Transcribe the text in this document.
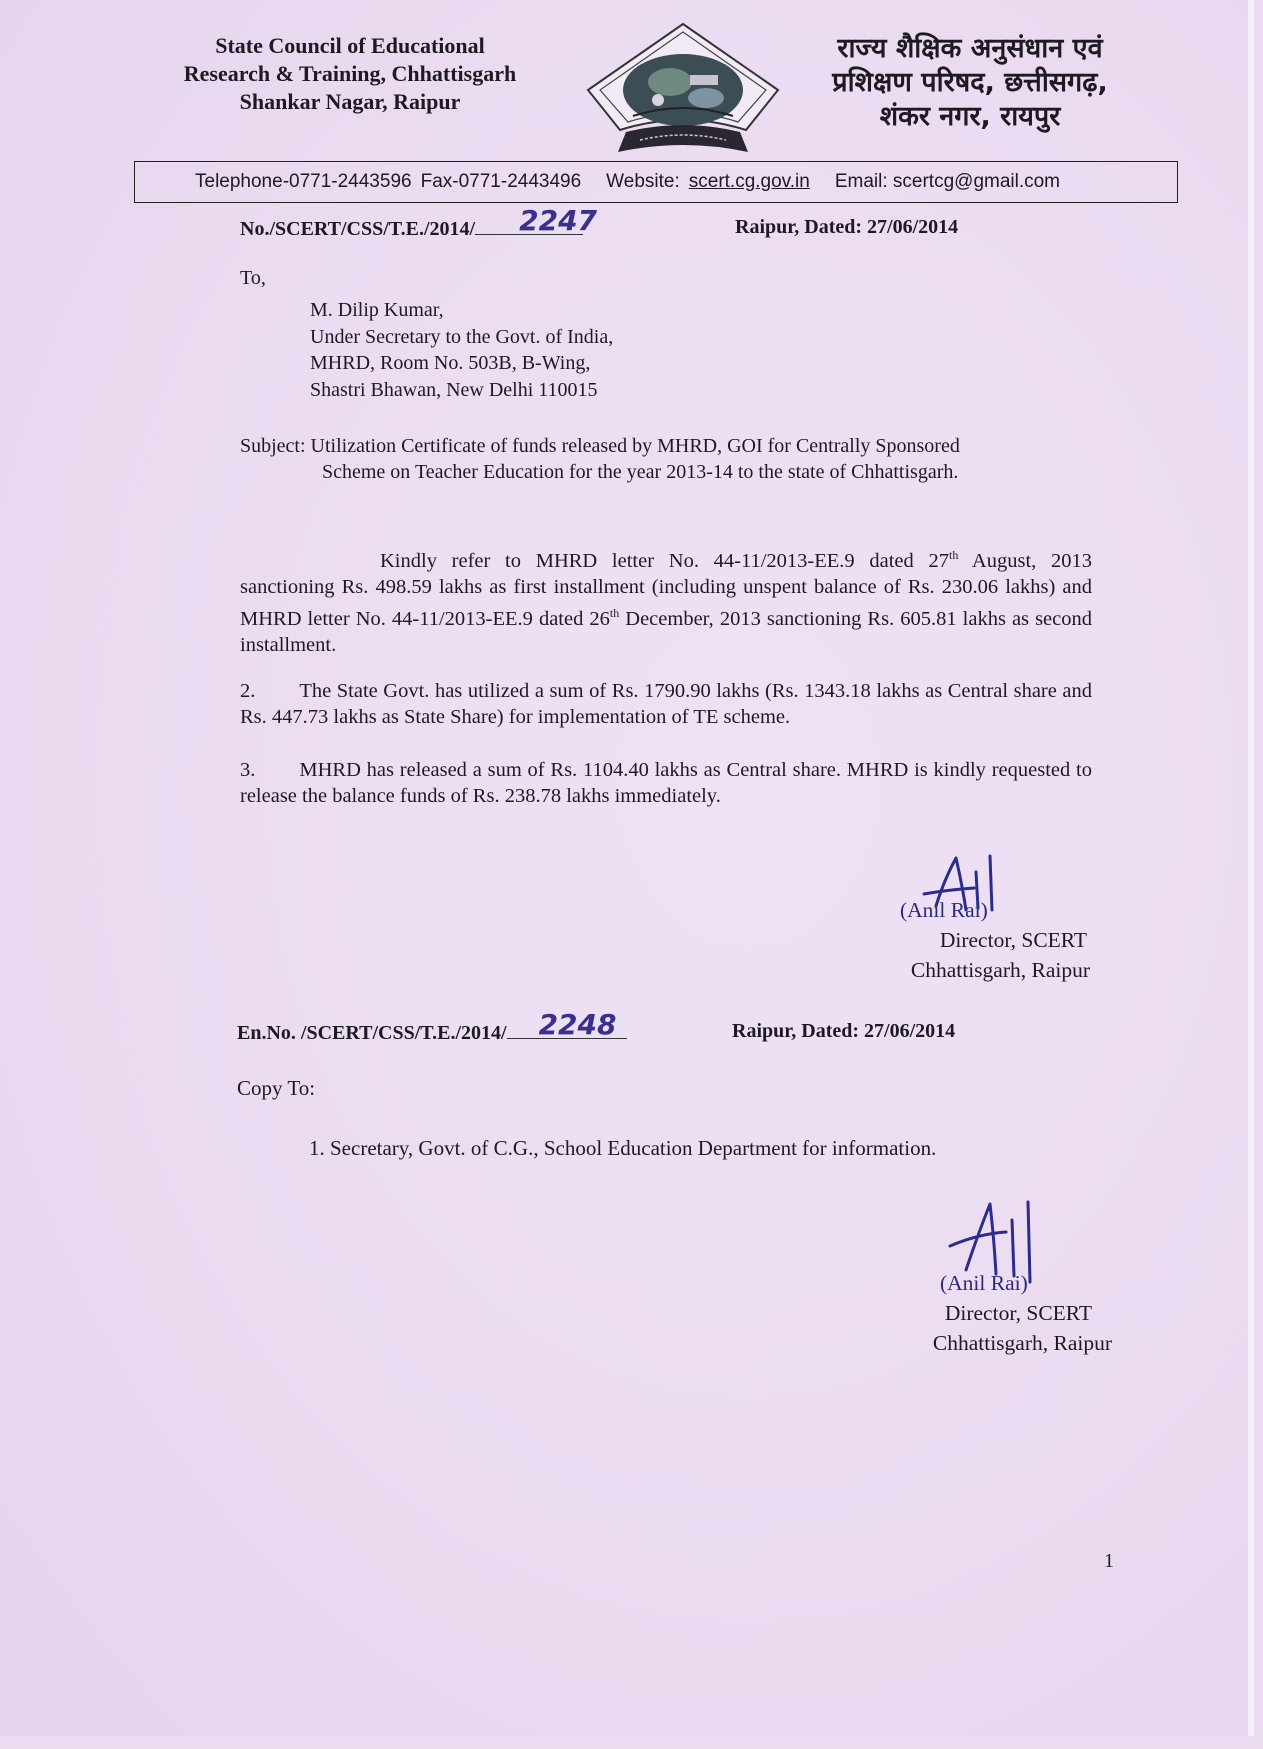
State Council of Educational
Research & Training, Chhattisgarh
Shankar Nagar, Raipur
राज्य शैक्षिक अनुसंधान एवं
प्रशिक्षण परिषद, छत्तीसगढ़,
शंकर नगर, रायपुर
Telephone-0771-2443596 Fax-0771-2443496 Website: scert.cg.gov.in Email: scertcg@gmail.com
No./SCERT/CSS/T.E./2014/ 2247	Raipur, Dated: 27/06/2014
To,
M. Dilip Kumar,
Under Secretary to the Govt. of India,
MHRD, Room No. 503B, B-Wing,
Shastri Bhawan, New Delhi 110015
Subject: Utilization Certificate of funds released by MHRD, GOI for Centrally Sponsored
Scheme on Teacher Education for the year 2013-14 to the state of Chhattisgarh.

Kindly refer to MHRD letter No. 44-11/2013-EE.9 dated 27th August, 2013 sanctioning Rs. 498.59 lakhs as first installment (including unspent balance of Rs. 230.06 lakhs) and MHRD letter No. 44-11/2013-EE.9 dated 26th December, 2013 sanctioning Rs. 605.81 lakhs as second installment.

2. The State Govt. has utilized a sum of Rs. 1790.90 lakhs (Rs. 1343.18 lakhs as Central share and Rs. 447.73 lakhs as State Share) for implementation of TE scheme.

3. MHRD has released a sum of Rs. 1104.40 lakhs as Central share. MHRD is kindly requested to release the balance funds of Rs. 238.78 lakhs immediately.

(Anil Rai)
Director, SCERT
Chhattisgarh, Raipur
En.No. /SCERT/CSS/T.E./2014/ 2248	Raipur, Dated: 27/06/2014
Copy To:
1. Secretary, Govt. of C.G., School Education Department for information.
(Anil Rai)
Director, SCERT
Chhattisgarh, Raipur
1
